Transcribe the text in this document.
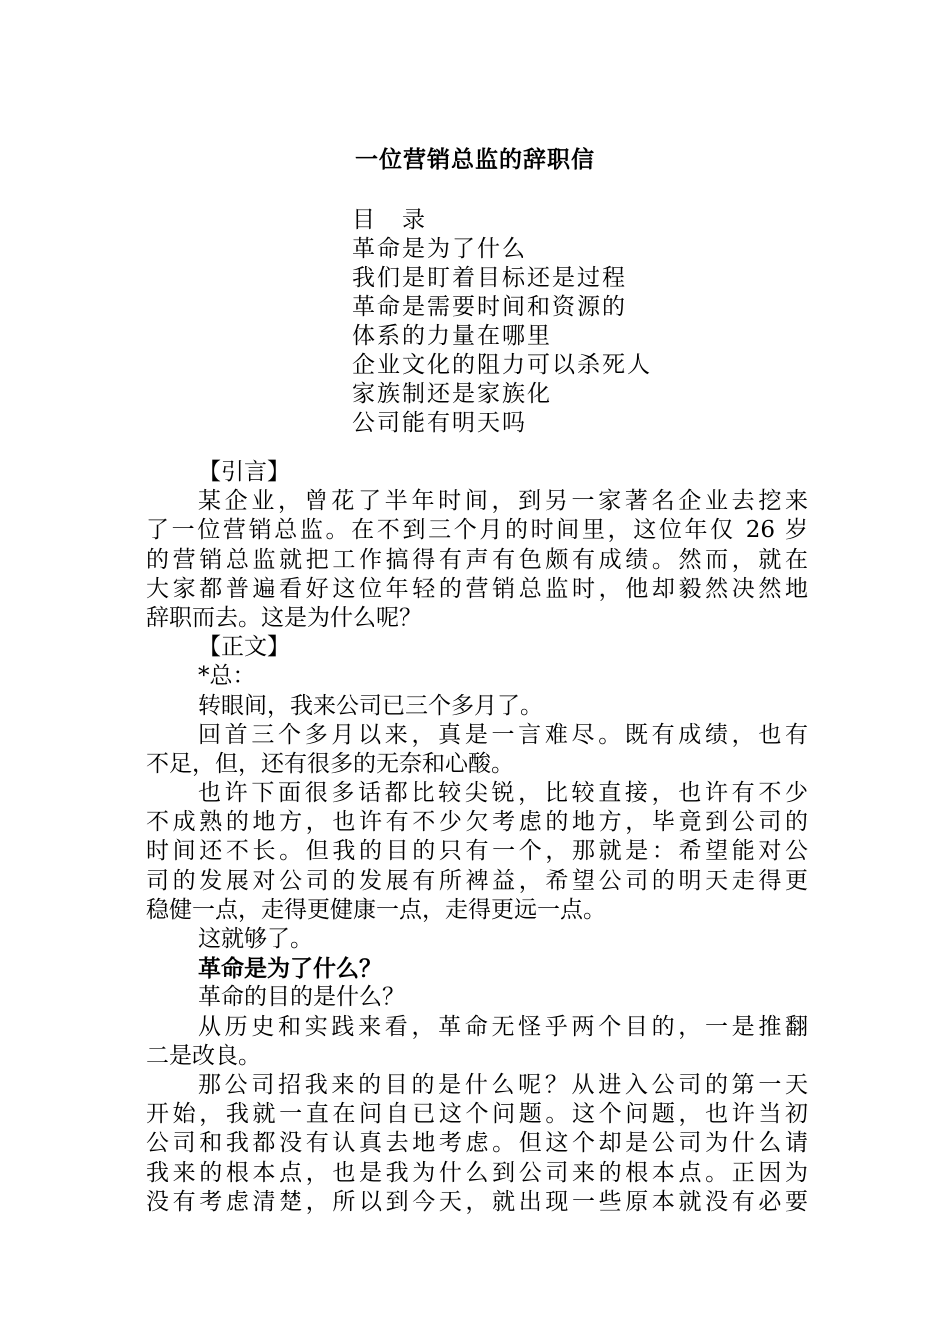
一位营销总监的辞职信
目　录
革命是为了什么
我们是盯着目标还是过程
革命是需要时间和资源的
体系的力量在哪里
企业文化的阻力可以杀死人
家族制还是家族化
公司能有明天吗
【引言】
某企业，曾花了半年时间，到另一家著名企业去挖来
了一位营销总监。在不到三个月的时间里，这位年仅 26 岁
的营销总监就把工作搞得有声有色颇有成绩。然而，就在
大家都普遍看好这位年轻的营销总监时，他却毅然决然地
辞职而去。这是为什么呢？
【正文】
*总：
转眼间，我来公司已三个多月了。
回首三个多月以来，真是一言难尽。既有成绩，也有
不足，但，还有很多的无奈和心酸。
也许下面很多话都比较尖锐，比较直接，也许有不少
不成熟的地方，也许有不少欠考虑的地方，毕竟到公司的
时间还不长。但我的目的只有一个，那就是：希望能对公
司的发展对公司的发展有所裨益，希望公司的明天走得更
稳健一点，走得更健康一点，走得更远一点。
这就够了。
革命是为了什么？
革命的目的是什么？
从历史和实践来看，革命无怪乎两个目的，一是推翻
二是改良。
那公司招我来的目的是什么呢？从进入公司的第一天
开始，我就一直在问自已这个问题。这个问题，也许当初
公司和我都没有认真去地考虑。但这个却是公司为什么请
我来的根本点，也是我为什么到公司来的根本点。正因为
没有考虑清楚，所以到今天，就出现一些原本就没有必要
